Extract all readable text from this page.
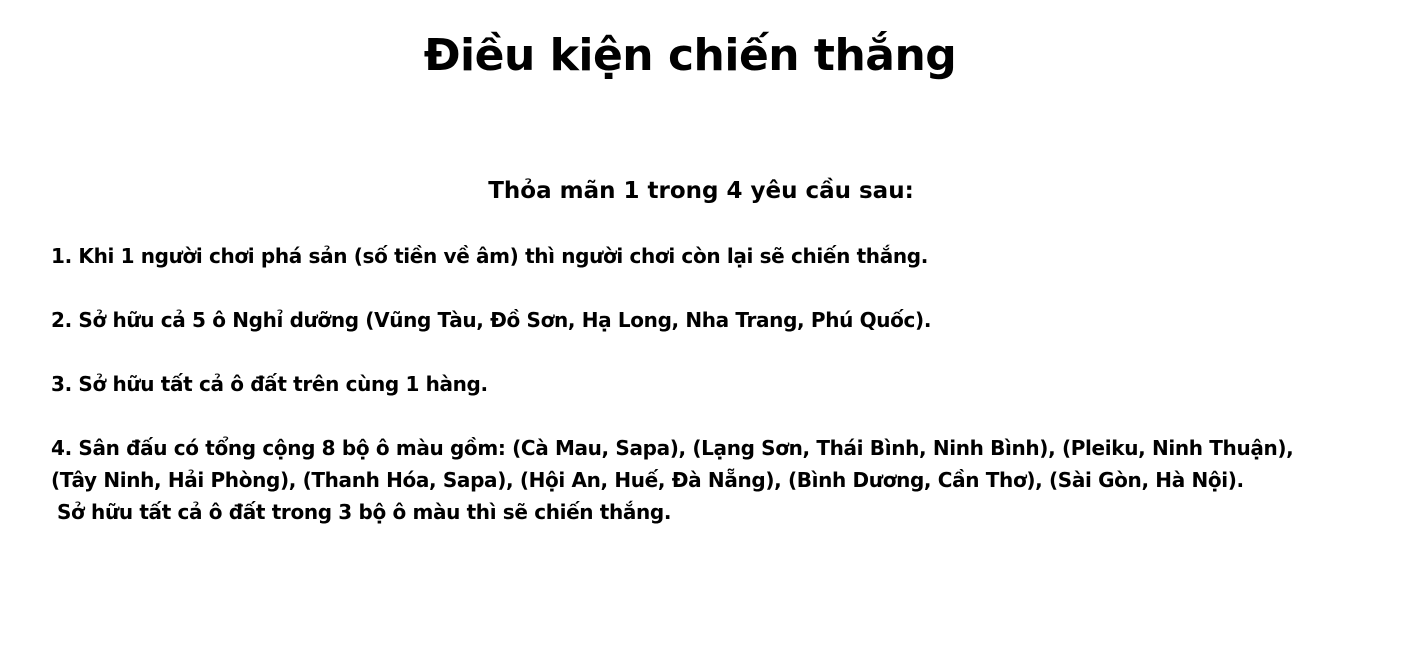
Điều kiện chiến thắng
Thỏa mãn 1 trong 4 yêu cầu sau:
1. Khi 1 người chơi phá sản (số tiền về âm) thì người chơi còn lại sẽ chiến thắng.
2. Sở hữu cả 5 ô Nghỉ dưỡng (Vũng Tàu, Đồ Sơn, Hạ Long, Nha Trang, Phú Quốc).
3. Sở hữu tất cả ô đất trên cùng 1 hàng.
4. Sân đấu có tổng cộng 8 bộ ô màu gồm: (Cà Mau, Sapa), (Lạng Sơn, Thái Bình, Ninh Bình), (Pleiku, Ninh Thuận),
(Tây Ninh, Hải Phòng), (Thanh Hóa, Sapa), (Hội An, Huế, Đà Nẵng), (Bình Dương, Cần Thơ), (Sài Gòn, Hà Nội).
Sở hữu tất cả ô đất trong 3 bộ ô màu thì sẽ chiến thắng.
